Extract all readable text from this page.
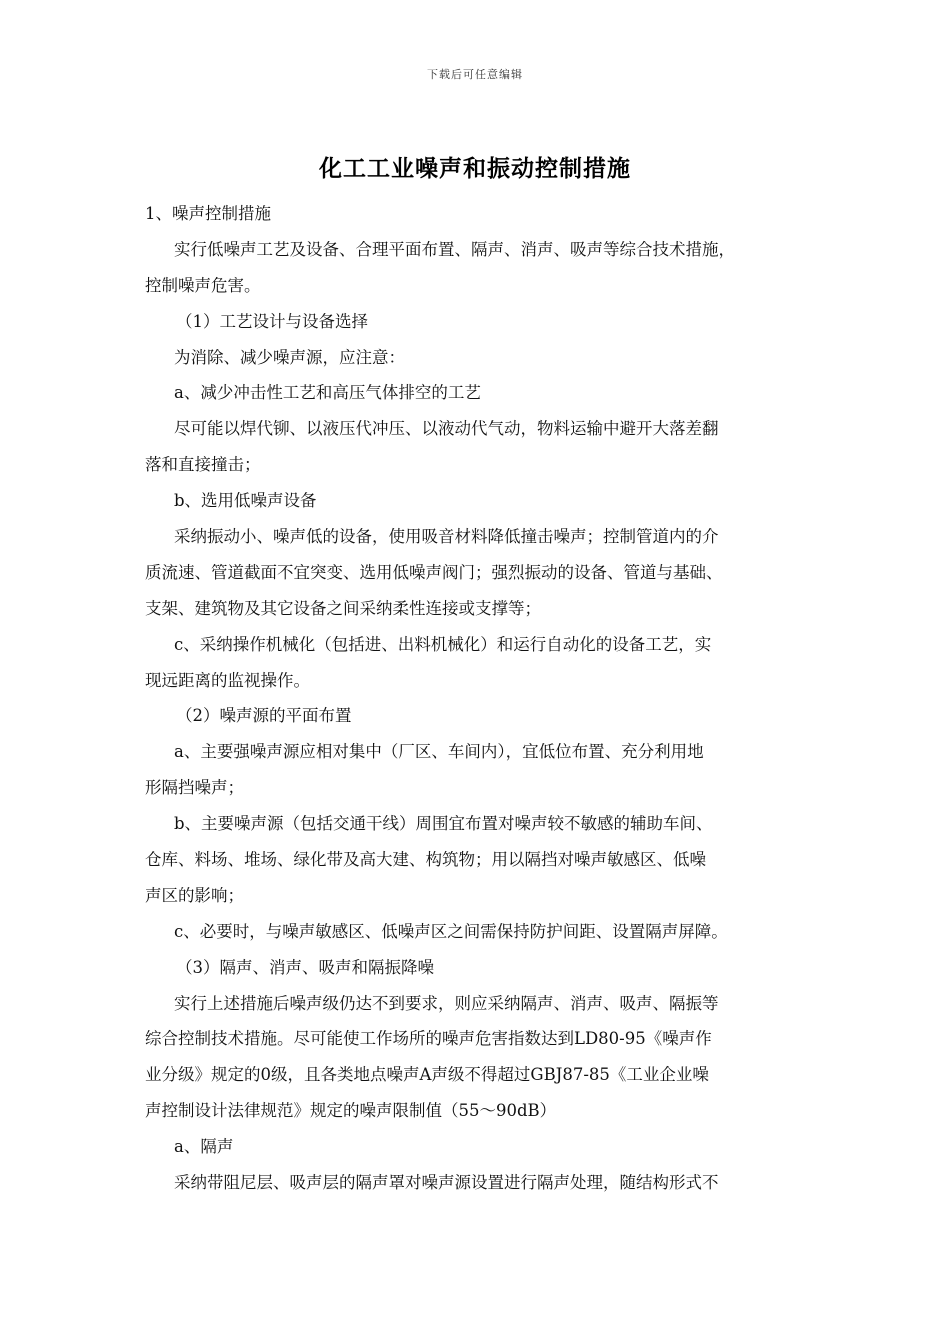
下载后可任意编辑
化工工业噪声和振动控制措施
1、噪声控制措施
实行低噪声工艺及设备、合理平面布置、隔声、消声、吸声等综合技术措施，
控制噪声危害。
（1）工艺设计与设备选择
为消除、减少噪声源，应注意：
a、减少冲击性工艺和高压气体排空的工艺
尽可能以焊代铆、以液压代冲压、以液动代气动，物料运输中避开大落差翻
落和直接撞击；
b、选用低噪声设备
采纳振动小、噪声低的设备，使用吸音材料降低撞击噪声；控制管道内的介
质流速、管道截面不宜突变、选用低噪声阀门；强烈振动的设备、管道与基础、
支架、建筑物及其它设备之间采纳柔性连接或支撑等；
c、采纳操作机械化（包括进、出料机械化）和运行自动化的设备工艺，实
现远距离的监视操作。
（2）噪声源的平面布置
a、主要强噪声源应相对集中（厂区、车间内），宜低位布置、充分利用地
形隔挡噪声；
b、主要噪声源（包括交通干线）周围宜布置对噪声较不敏感的辅助车间、
仓库、料场、堆场、绿化带及高大建、构筑物；用以隔挡对噪声敏感区、低噪
声区的影响；
c、必要时，与噪声敏感区、低噪声区之间需保持防护间距、设置隔声屏障。
（3）隔声、消声、吸声和隔振降噪
实行上述措施后噪声级仍达不到要求，则应采纳隔声、消声、吸声、隔振等
综合控制技术措施。尽可能使工作场所的噪声危害指数达到LD80-95《噪声作
业分级》规定的0级，且各类地点噪声A声级不得超过GBJ87-85《工业企业噪
声控制设计法律规范》规定的噪声限制值（55～90dB）
a、隔声
采纳带阻尼层、吸声层的隔声罩对噪声源设置进行隔声处理，随结构形式不
